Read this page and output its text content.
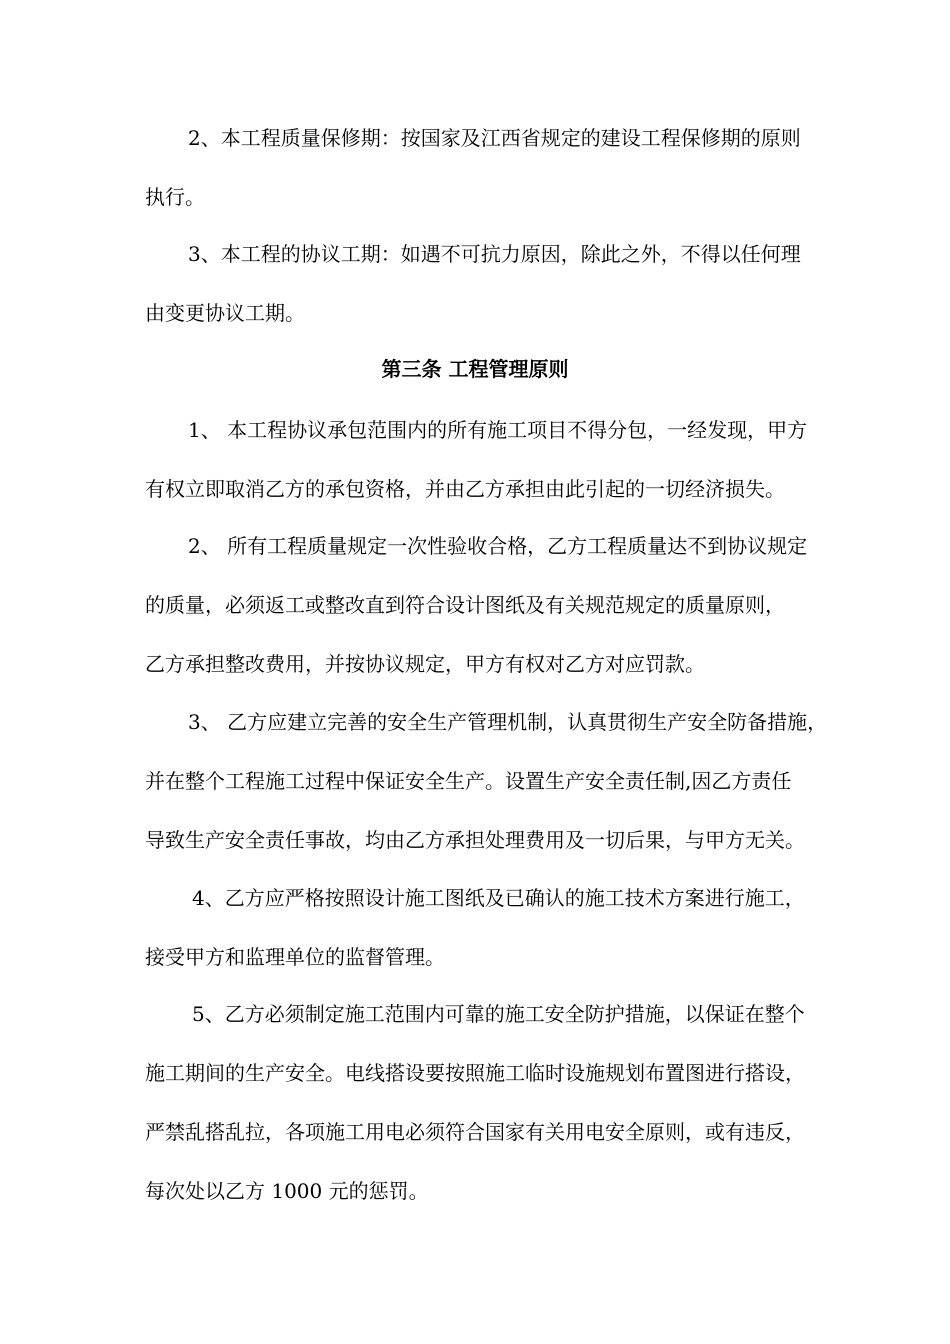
2、本工程质量保修期：按国家及江西省规定的建设工程保修期的原则
执行。
3、本工程的协议工期：如遇不可抗力原因，除此之外，不得以任何理
由变更协议工期。
第三条 工程管理原则
1、 本工程协议承包范围内的所有施工项目不得分包，一经发现，甲方
有权立即取消乙方的承包资格，并由乙方承担由此引起的一切经济损失。
2、 所有工程质量规定一次性验收合格，乙方工程质量达不到协议规定
的质量，必须返工或整改直到符合设计图纸及有关规范规定的质量原则，
乙方承担整改费用，并按协议规定，甲方有权对乙方对应罚款。
3、 乙方应建立完善的安全生产管理机制，认真贯彻生产安全防备措施，
并在整个工程施工过程中保证安全生产。设置生产安全责任制,因乙方责任
导致生产安全责任事故，均由乙方承担处理费用及一切后果，与甲方无关。
4、乙方应严格按照设计施工图纸及已确认的施工技术方案进行施工，
接受甲方和监理单位的监督管理。
5、乙方必须制定施工范围内可靠的施工安全防护措施，以保证在整个
施工期间的生产安全。电线搭设要按照施工临时设施规划布置图进行搭设，
严禁乱搭乱拉，各项施工用电必须符合国家有关用电安全原则，或有违反，
每次处以乙方 1000 元的惩罚。
